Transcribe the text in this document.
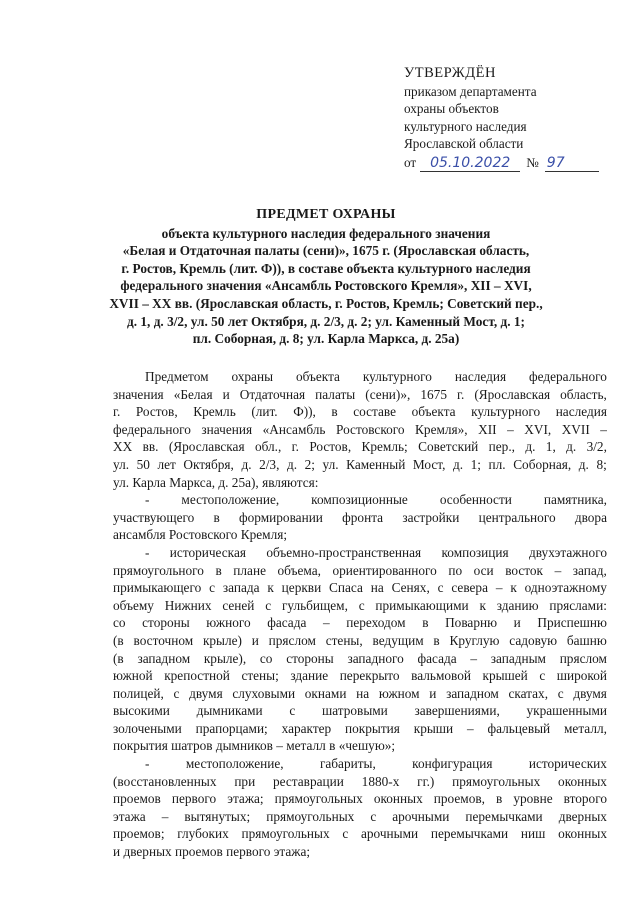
УТВЕРЖДЁН
приказом департамента
охраны объектов
культурного наследия
Ярославской области
от 05.10.2022	№ 97
ПРЕДМЕТ ОХРАНЫ
объекта культурного наследия федерального значения
«Белая и Отдаточная палаты (сени)», 1675 г. (Ярославская область,
г. Ростов, Кремль (лит. Ф)), в составе объекта культурного наследия
федерального значения «Ансамбль Ростовского Кремля», XII – XVI,
XVII – XX вв. (Ярославская область, г. Ростов, Кремль; Советский пер.,
д. 1, д. 3/2, ул. 50 лет Октября, д. 2/3, д. 2; ул. Каменный Мост, д. 1;
пл. Соборная, д. 8; ул. Карла Маркса, д. 25а)
Предметом охраны объекта культурного наследия федерального
значения «Белая и Отдаточная палаты (сени)», 1675 г. (Ярославская область,
г. Ростов, Кремль (лит. Ф)), в составе объекта культурного наследия
федерального значения «Ансамбль Ростовского Кремля», XII – XVI, XVII –
XX вв. (Ярославская обл., г. Ростов, Кремль; Советский пер., д. 1, д. 3/2,
ул. 50 лет Октября, д. 2/3, д. 2; ул. Каменный Мост, д. 1; пл. Соборная, д. 8;
ул. Карла Маркса, д. 25а), являются:
- местоположение, композиционные особенности памятника,
участвующего в формировании фронта застройки центрального двора
ансамбля Ростовского Кремля;
- историческая объемно-пространственная композиция двухэтажного
прямоугольного в плане объема, ориентированного по оси восток – запад,
примыкающего с запада к церкви Спаса на Сенях, с севера – к одноэтажному
объему Нижних сеней с гульбищем, с примыкающими к зданию пряслами:
со стороны южного фасада – переходом в Поварню и Приспешню
(в восточном крыле) и пряслом стены, ведущим в Круглую садовую башню
(в западном крыле), со стороны западного фасада – западным пряслом
южной крепостной стены; здание перекрыто вальмовой крышей с широкой
полицей, с двумя слуховыми окнами на южном и западном скатах, с двумя
высокими дымниками с шатровыми завершениями, украшенными
золочеными прапорцами; характер покрытия крыши – фальцевый металл,
покрытия шатров дымников – металл в «чешую»;
-	местоположение,	габариты,	конфигурация	исторических
(восстановленных при реставрации 1880-х гг.) прямоугольных оконных
проемов первого этажа; прямоугольных оконных проемов, в уровне второго
этажа – вытянутых; прямоугольных с арочными перемычками дверных
проемов; глубоких прямоугольных с арочными перемычками ниш оконных
и дверных проемов первого этажа;
